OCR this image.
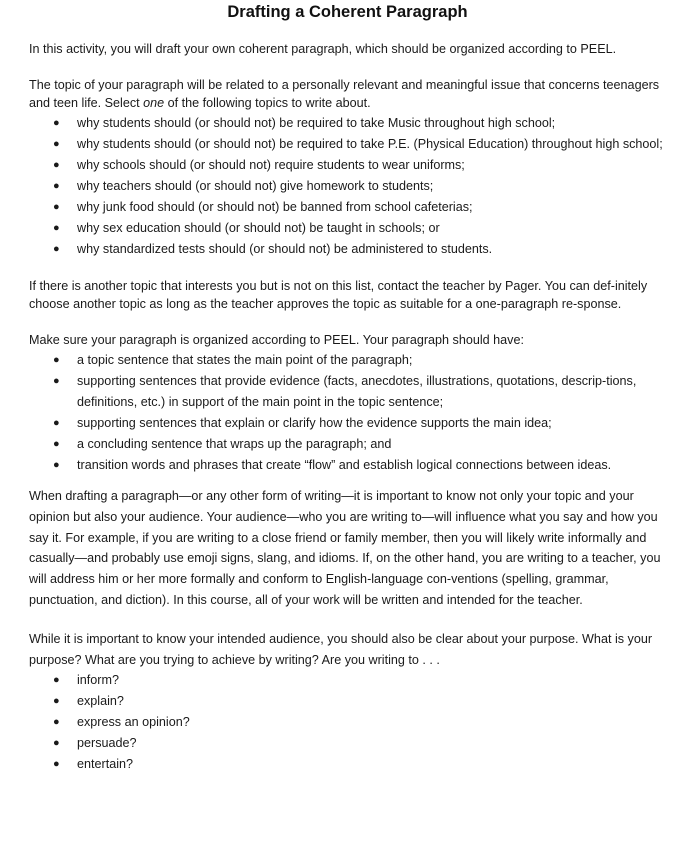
Drafting a Coherent Paragraph

In this activity, you will draft your own coherent paragraph, which should be organized according to PEEL.

The topic of your paragraph will be related to a personally relevant and meaningful issue that concerns teenagers and teen life. Select one of the following topics to write about.

● why students should (or should not) be required to take Music throughout high school;
● why students should (or should not) be required to take P.E. (Physical Education) throughout high school;
● why schools should (or should not) require students to wear uniforms;
● why teachers should (or should not) give homework to students;
● why junk food should (or should not) be banned from school cafeterias;
● why sex education should (or should not) be taught in schools; or
● why standardized tests should (or should not) be administered to students.

If there is another topic that interests you but is not on this list, contact the teacher by Pager. You can def-initely choose another topic as long as the teacher approves the topic as suitable for a one-paragraph re-sponse.

Make sure your paragraph is organized according to PEEL. Your paragraph should have:

● a topic sentence that states the main point of the paragraph;
● supporting sentences that provide evidence (facts, anecdotes, illustrations, quotations, descrip-tions, definitions, etc.) in support of the main point in the topic sentence;
● supporting sentences that explain or clarify how the evidence supports the main idea;
● a concluding sentence that wraps up the paragraph; and
● transition words and phrases that create “flow” and establish logical connections between ideas.

When drafting a paragraph—or any other form of writing—it is important to know not only your topic and your opinion but also your audience. Your audience—who you are writing to—will influence what you say and how you say it. For example, if you are writing to a close friend or family member, then you will likely write informally and casually—and probably use emoji signs, slang, and idioms. If, on the other hand, you are writing to a teacher, you will address him or her more formally and conform to English-language con-ventions (spelling, grammar, punctuation, and diction). In this course, all of your work will be written and intended for the teacher.

While it is important to know your intended audience, you should also be clear about your purpose. What is your purpose? What are you trying to achieve by writing? Are you writing to . . .

● inform?
● explain?
● express an opinion?
● persuade?
● entertain?
